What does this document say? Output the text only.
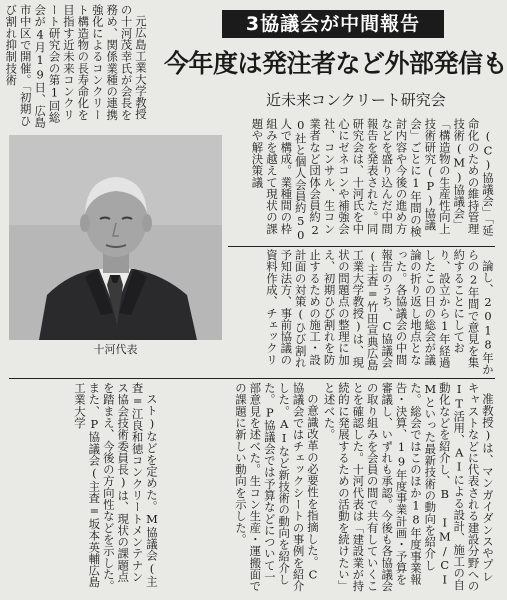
元広島工業大学教授の十河茂幸氏が会長を務め、関係業種の連携強化によるコンクリート構造物の長寿命化を目指す近未来コンクリート研究会の第1回総会が4月19日、広島市中区で開催。「初期ひび割れ抑制技術	3協議会が中間報告
今年度は発注者など外部発信も
近未来コンクリート研究会

(C)協議会」「延命化のための維持管理技術(M)協議会」「構造物の生産性向上技術研究(P)協議会」ごとに1年間の検討内容や今後の進め方などを盛り込んだ中間報告を発表された。同研究会は、十河氏を中心にゼネコンや補強会社、コンサル、生コン業者など団体会員約20社と個人会員約50人で構成。業種間の枠組みを越えて現状の課題や解決策議

論し、2018年からの2年間で意見を集約することにしており、設立から1年経過したこの日の総会が議論の折り返し地点となった。各協議会の中間報告のうち、C協議会(主査=竹田宣典広島工業大学教授)は、現状の問題点の整理に加え、初期ひび割れを防止するための施工・設計面の対策(ひび割れ予知法方、事前協議の資料作成、チェックリ

十河代表

スト)などを定めた。M協議会(主査=江良和徳コンクリートメンテナンス協会技術委員長)は、現状の課題点を踏まえ、今後の方向性などを示した。また、P協議会(主査=坂本英輔広島工業大学	の意識改革の必要性を指摘した。C協議会ではチェックシートの事例を紹介した。AIなど新技術の動向を紹介した。P協議会では予算などについて一部意見を述べた。生コン生産・運搬面での課題に新しい動向を示した。	准教授)は、マンガイダンスやプレキャストなどに代表される建設分野へのIT活用、AIによる設計、施工の自動化などを紹介し、B IM/CIMといった最新技術の動向を紹介した。総会ではこのほか18年度事業報告・決算、19年度事業計画・予算を審議し、いずれも承認。今後も各協議会の取り組みを会員の間で共有していくことを確認した。十河代表は「建設業が持続的に発展するための活動を続けたい」と述べた。
